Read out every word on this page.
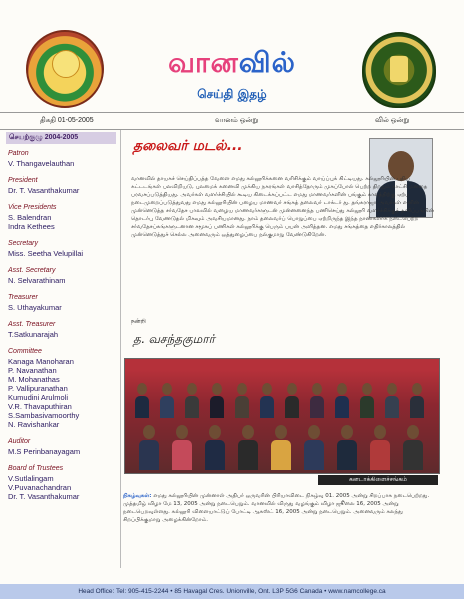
வானவில்
செய்தி இதழ்
திகதி 01-05-2005	வானம் ஒன்று	வில் ஒன்று
செயற்குழு 2004-2005
Patron
V. Thangavelauthan
President
Dr. T. Vasanthakumar
Vice Presidents
S. Balendran
Indra Kethees
Secretary
Miss. Seetha Velupillai
Asst. Secretary
N. Selvarathinam
Treasurer
S. Uthayakumar
Asst. Treasurer
T.Satkunarajah
Committee
Kanaga Manoharan
P. Navanathan
M. Mohanathas
P. Vallipuranathan
Kumudini Arulmoli
V.R. Thavaputhiran
S.Sambasivamoorthy
N. Ravishankar
Auditor
M.S Perinbanayagam
Board of Trustees
V.Sutlalingam
V.Puvanachandran
Dr. T. Vasanthakumar
தலைவர் மடல்...

வானவில் தாயகச் செய்திப்பத்த வேளை எமது கல்லூரிக்கனை வரிசிக்கும் வாய்ப்புக் கிட்டியது. கல்லூரியின் புதிய கட்டடங்கள் பலவிறியடு, புலமைக் கனைவி முக்கிய நகரங்கள் வாசித்தோரும் முகப்போல் பெற்ற திறநும் காட்சி மனதை பரவசப்படுத்தியது. அவர்கள் வளர்ச்சியில் கூடிய கிடைக்கப்பட்ட எமது மாணவர்களின் பங்கும் காலத்திற்கு ஏற்ப நடைமுறைப்படுத்துவது எமது கல்லூரியின் பழைய மாணவர் சங்கத் தலைவர் டாக்டர் து. தங்கராஜா அவர்கள் எனின் முன்னெடுத்த சர்வதேச பாலவில் வழைய மாணவர்களுடன் முன்னனைந்த பணிசெய்து கல்லூரி வளர்ச்சிக்குத் தனிப்பங்கின் தொடர்பு வேணடுதல் மிகவும் அவசியமானது. நாம் தலைவர்ப் பொறுப்பை ஏற்றிருந்த இந்த நாண்களாக நடைபெற்ற சர்வதேசப்கங்களுடனான சமூகப் பணிகள் கல்லூரிக்கு பெரும் பயன் அளித்தன. எமது சங்கத்தை எதிர்காலத்தில் முன்னெடுத்துச் செல்ல அனைவரும் ஒத்துழைப்பை நல்குமாறு வேண்டுகிறேன்.

நன்றி
த. வசந்தகுமார்
கனடாக்கிளைச்சங்கம்
நிகழ்வுகள்: எமது கல்லூரியின் முன்னாள் அதிபர் ஒருவரின் பிரியாவிடை நிகழ்வு 01. 2005 அன்று சிறப்பாக நடைபெற்றது. முத்தமிழ் விழா மே 13, 2005 அன்று நடைபெறும். வானவில் விருது வழங்கும் விழா ஜூலை 16, 2005 அன்று நடைபெறவுள்ளது. கல்லூரி விளையாட்டுப் போட்டி ஆகஸ்ட் 16, 2005 அன்று நடைபெறும். அனைவரும் கலந்து சிறப்பிக்குமாறு அழைக்கின்றோம்.
Head Office: Tel: 905-415-2244 • 85 Havagal Cres. Unionville, Ont. L3P 5G6 Canada • www.namcollege.ca
